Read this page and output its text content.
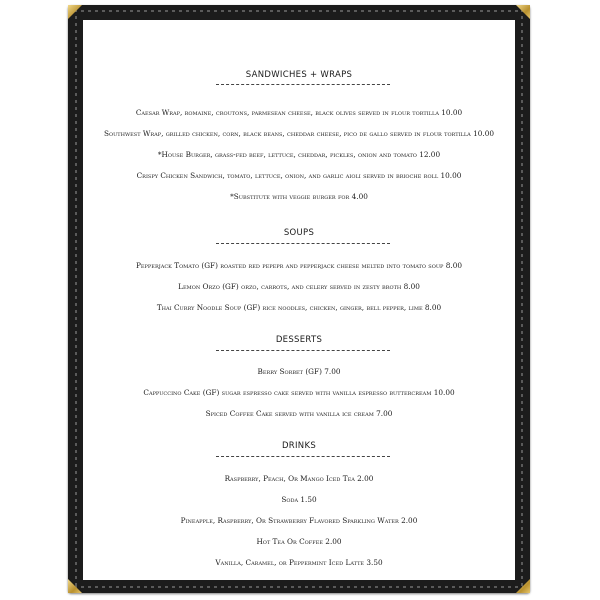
SANDWICHES + WRAPS
Caesar Wrap, romaine, croutons, parmesean cheese, black olives served in flour tortilla 10.00
Southwest Wrap, grilled chicken, corn, black beans, cheddar cheese, pico de gallo served in flour tortilla 10.00
*House Burger, grass-fed beef, lettuce, cheddar, pickles, onion and tomato 12.00
Crispy Chicken Sandwich, tomato, lettuce, onion, and garlic aioli served in brioche roll 10.00
*Substitute with veggie burger for 4.00
SOUPS
Pepperjack Tomato (GF) roasted red pepepr and pepperjack cheese melted into tomato soup 8.00
Lemon Orzo (GF) orzo, carrots, and celery served in zesty broth 8.00
Thai Curry Noodle Soup (GF) rice noodles, chicken, ginger, bell pepper, lime 8.00
DESSERTS
Berry Sorbet (GF) 7.00
Cappuccino Cake (GF) sugar espresso cake served with vanilla espresso buttercream 10.00
Spiced Coffee Cake served with vanilla ice cream 7.00
DRINKS
Raspberry, Peach, Or Mango Iced Tea 2.00
Soda 1.50
Pineapple, Raspberry, Or Strawberry Flavored Sparkling Water 2.00
Hot Tea Or Coffee 2.00
Vanilla, Caramel, or Peppermint Iced Latte 3.50
